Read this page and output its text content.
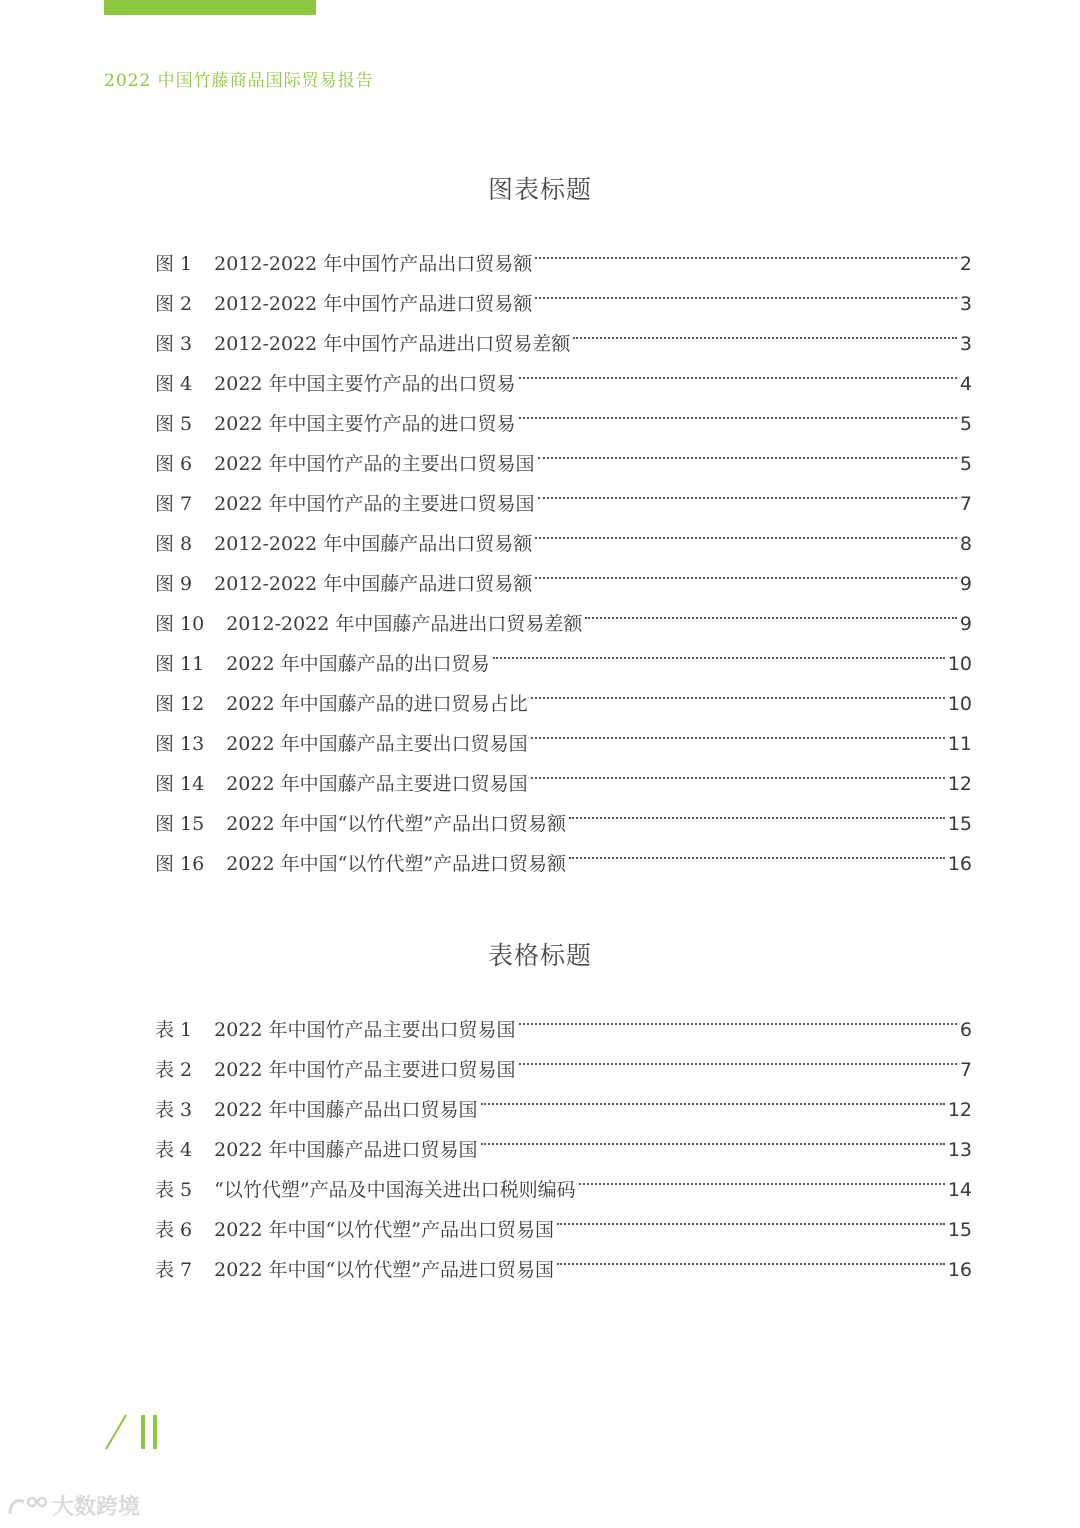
2022 中国竹藤商品国际贸易报告
图表标题
图 1 2012-2022 年中国竹产品出口贸易额	2
图 2 2012-2022 年中国竹产品进口贸易额	3
图 3 2012-2022 年中国竹产品进出口贸易差额	3
图 4 2022 年中国主要竹产品的出口贸易	4
图 5 2022 年中国主要竹产品的进口贸易	5
图 6 2022 年中国竹产品的主要出口贸易国	5
图 7 2022 年中国竹产品的主要进口贸易国	7
图 8 2012-2022 年中国藤产品出口贸易额	8
图 9 2012-2022 年中国藤产品进口贸易额	9
图 10 2012-2022 年中国藤产品进出口贸易差额	9
图 11 2022 年中国藤产品的出口贸易	10
图 12 2022 年中国藤产品的进口贸易占比	10
图 13 2022 年中国藤产品主要出口贸易国	11
图 14 2022 年中国藤产品主要进口贸易国	12
图 15 2022 年中国“以竹代塑”产品出口贸易额	15
图 16 2022 年中国“以竹代塑”产品进口贸易额	16
表格标题
表 1 2022 年中国竹产品主要出口贸易国	6
表 2 2022 年中国竹产品主要进口贸易国	7
表 3 2022 年中国藤产品出口贸易国	12
表 4 2022 年中国藤产品进口贸易国	13
表 5 “以竹代塑”产品及中国海关进出口税则编码	14
表 6 2022 年中国“以竹代塑”产品出口贸易国	15
表 7 2022 年中国“以竹代塑”产品进口贸易国	16
大数跨境
